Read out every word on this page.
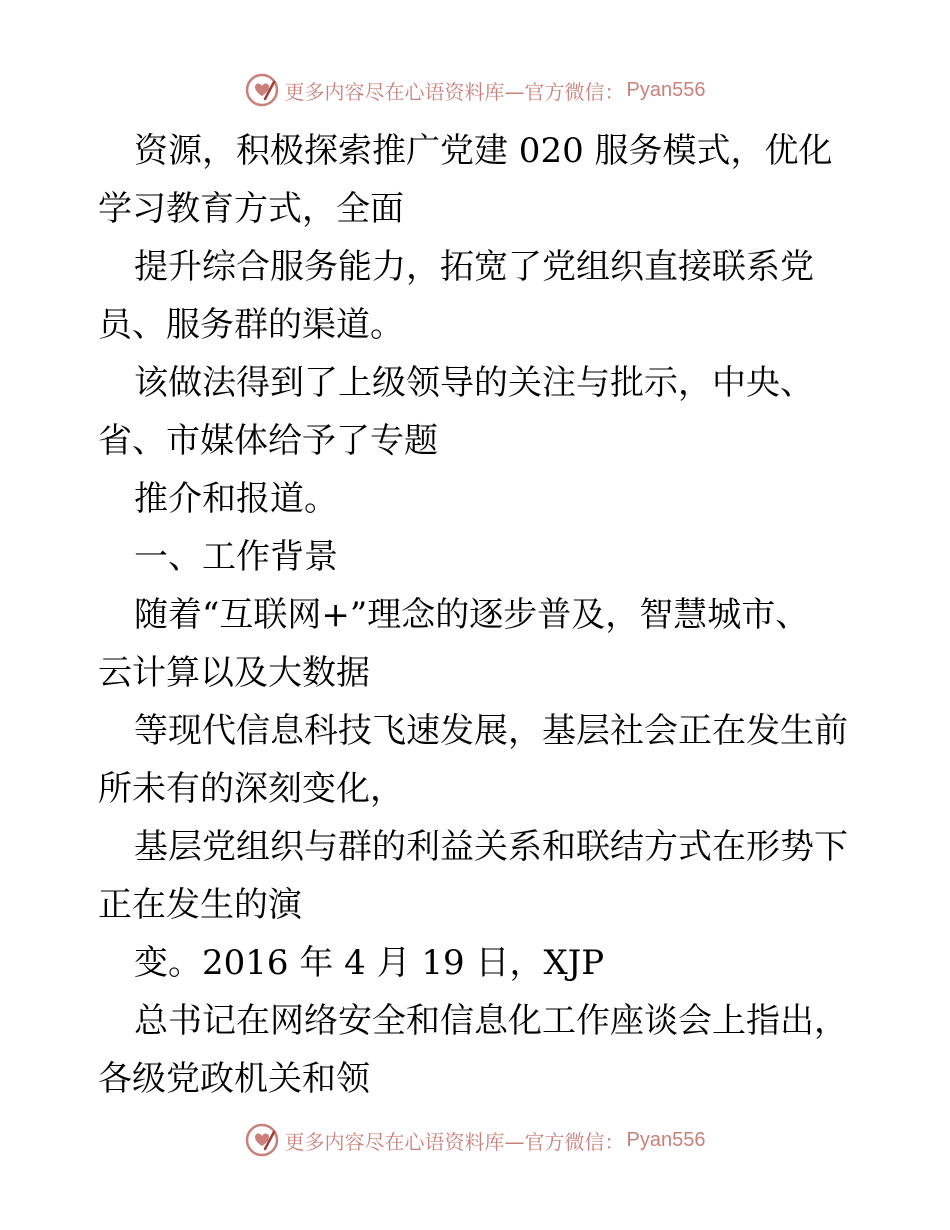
更多内容尽在心语资料库—官方微信： Pyan556
资源，积极探索推广党建 020 服务模式，优化
学习教育方式，全面
提升综合服务能力，拓宽了党组织直接联系党
员、服务群的渠道。
该做法得到了上级领导的关注与批示，中央、
省、市媒体给予了专题
推介和报道。
一、工作背景
随着“互联网+”理念的逐步普及，智慧城市、
云计算以及大数据
等现代信息科技飞速发展，基层社会正在发生前
所未有的深刻变化，
基层党组织与群的利益关系和联结方式在形势下
正在发生的演
变。2016 年 4 月 19 日，XJP
总书记在网络安全和信息化工作座谈会上指出，
各级党政机关和领
更多内容尽在心语资料库—官方微信： Pyan556
